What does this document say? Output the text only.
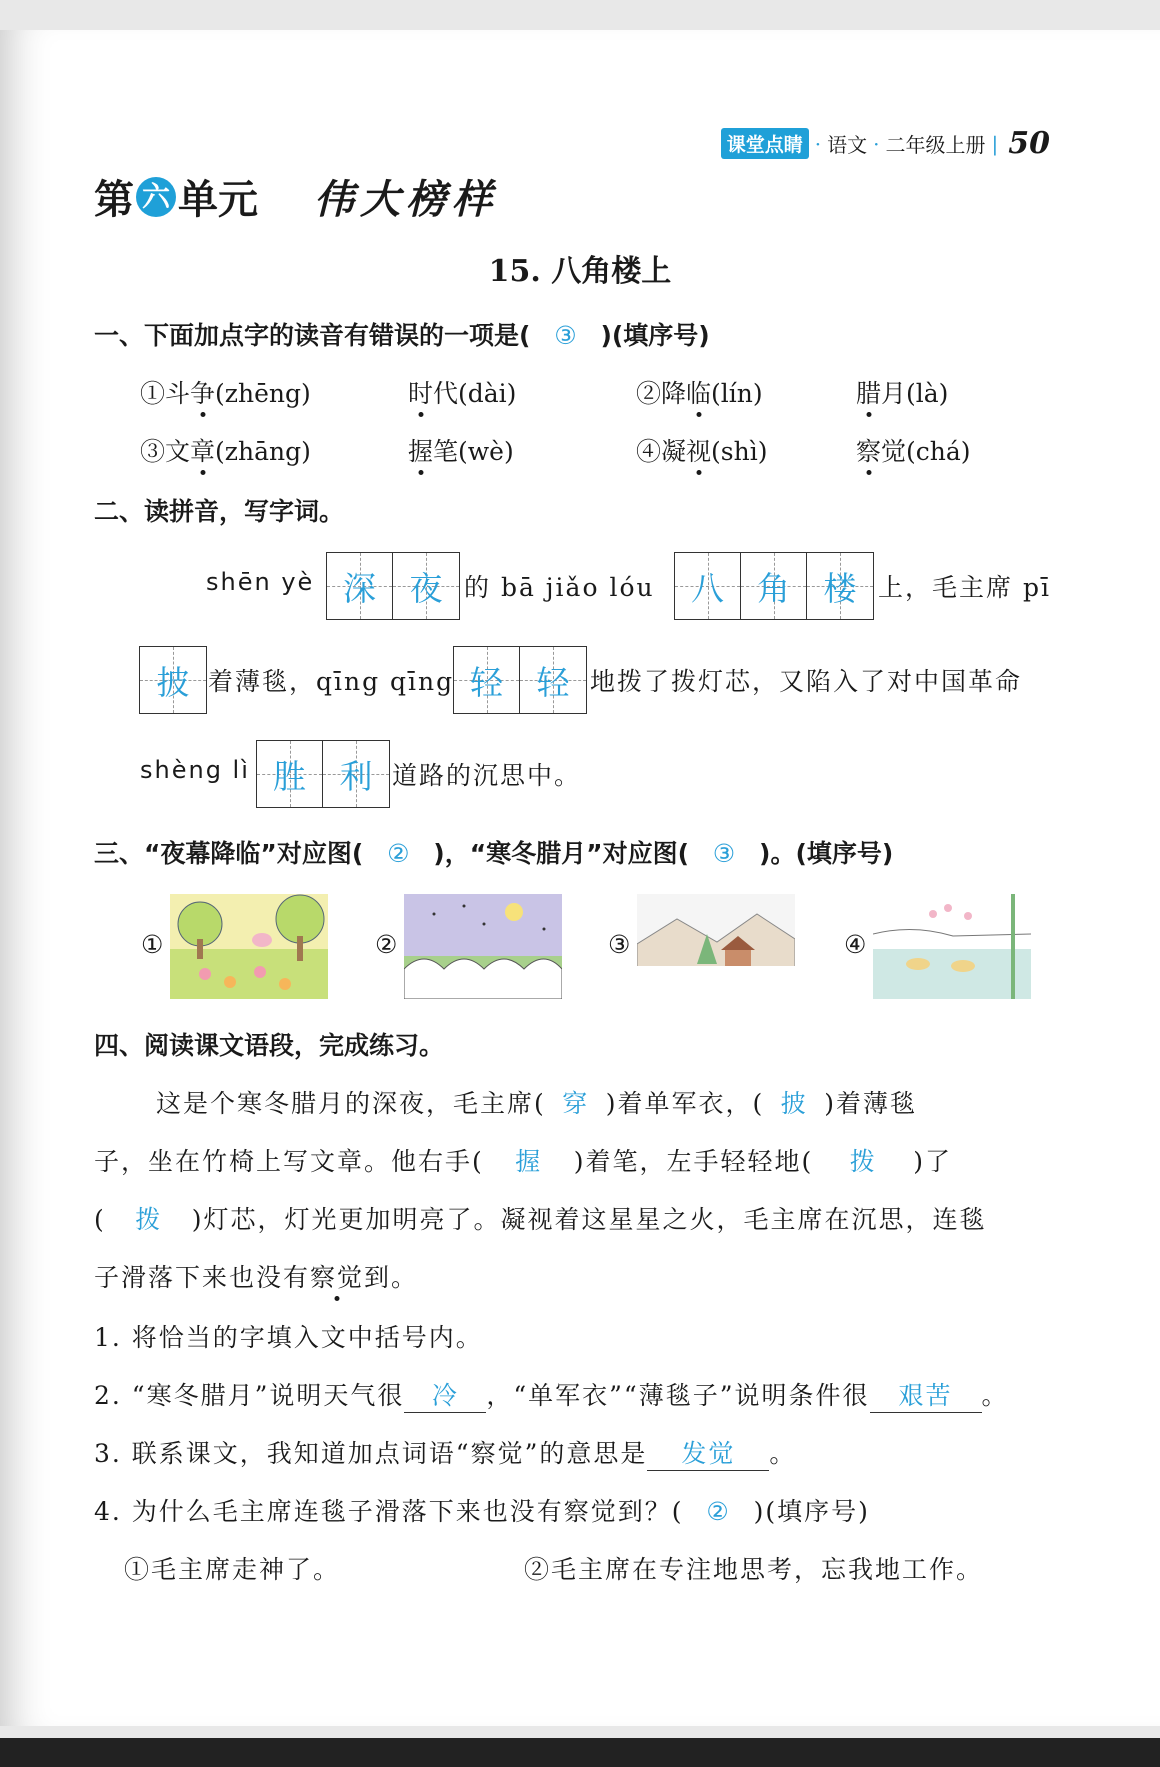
课堂点睛 · 语文 · 二年级上册 | 50
第 六 单元 伟大榜样
15. 八角楼上
一、下面加点字的读音有错误的一项是( ③ )(填序号)
①斗争(zhēng)	时代(dài)	②降临(lín)	腊月(là)
③文章(zhāng)	握笔(wè)	④凝视(shì)	察觉(chá)
二、读拼音，写字词。
shēn yè 深 夜 的 bā jiǎo lóu 八 角 楼 上，毛主席 pī
披 着薄毯，qīng qīng 轻 轻 地拨了拨灯芯，又陷入了对中国革命
shèng lì 胜 利 道路的沉思中。
三、“夜幕降临”对应图( ② )，“寒冬腊月”对应图( ③ )。(填序号)
①	②	③	④
四、阅读课文语段，完成练习。
这是个寒冬腊月的深夜，毛主席( 穿 )着单军衣，( 披 )着薄毯
子，坐在竹椅上写文章。他右手( 握 )着笔，左手轻轻地( 拨 )了
( 拨 )灯芯，灯光更加明亮了。凝视着这星星之火，毛主席在沉思，连毯
子滑落下来也没有察觉到。
1. 将恰当的字填入文中括号内。
2. “寒冬腊月”说明天气很 冷 ，“单军衣”“薄毯子”说明条件很 艰苦 。
3. 联系课文，我知道加点词语“察觉”的意思是 发觉 。
4. 为什么毛主席连毯子滑落下来也没有察觉到？( ② )(填序号)
①毛主席走神了。	②毛主席在专注地思考，忘我地工作。
